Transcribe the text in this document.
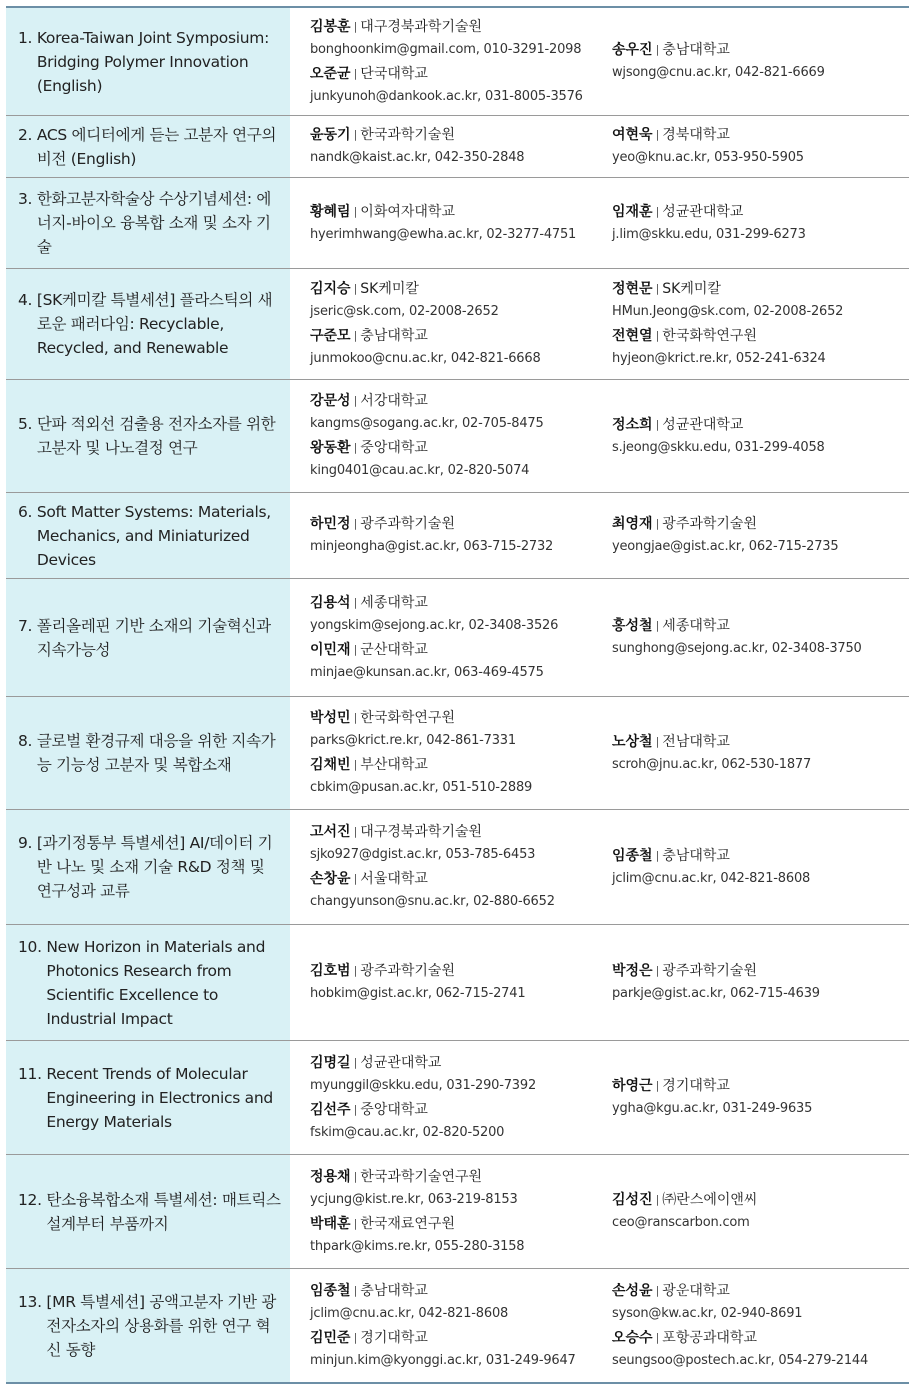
1. Korea-Taiwan Joint Symposium: Bridging Polymer Innovation (English)
김봉훈 | 대구경북과학기술원
bonghoonkim@gmail.com, 010-3291-2098
오준균 | 단국대학교
junkyunoh@dankook.ac.kr, 031-8005-3576
송우진 | 충남대학교
wjsong@cnu.ac.kr, 042-821-6669
2. ACS 에디터에게 듣는 고분자 연구의 비전 (English)
윤동기 | 한국과학기술원
nandk@kaist.ac.kr, 042-350-2848
여현욱 | 경북대학교
yeo@knu.ac.kr, 053-950-5905
3. 한화고분자학술상 수상기념세션: 에너지-바이오 융복합 소재 및 소자 기술
황혜림 | 이화여자대학교
hyerimhwang@ewha.ac.kr, 02-3277-4751
임재훈 | 성균관대학교
j.lim@skku.edu, 031-299-6273
4. [SK케미칼 특별세션] 플라스틱의 새로운 패러다임: Recyclable, Recycled, and Renewable
김지승 | SK케미칼
jseric@sk.com, 02-2008-2652
구준모 | 충남대학교
junmokoo@cnu.ac.kr, 042-821-6668
정현문 | SK케미칼
HMun.Jeong@sk.com, 02-2008-2652
전현열 | 한국화학연구원
hyjeon@krict.re.kr, 052-241-6324
5. 단파 적외선 검출용 전자소자를 위한 고분자 및 나노결정 연구
강문성 | 서강대학교
kangms@sogang.ac.kr, 02-705-8475
왕동환 | 중앙대학교
king0401@cau.ac.kr, 02-820-5074
정소희 | 성균관대학교
s.jeong@skku.edu, 031-299-4058
6. Soft Matter Systems: Materials, Mechanics, and Miniaturized Devices
하민정 | 광주과학기술원
minjeongha@gist.ac.kr, 063-715-2732
최영재 | 광주과학기술원
yeongjae@gist.ac.kr, 062-715-2735
7. 폴리올레핀 기반 소재의 기술혁신과 지속가능성
김용석 | 세종대학교
yongskim@sejong.ac.kr, 02-3408-3526
이민재 | 군산대학교
minjae@kunsan.ac.kr, 063-469-4575
홍성철 | 세종대학교
sunghong@sejong.ac.kr, 02-3408-3750
8. 글로벌 환경규제 대응을 위한 지속가능 기능성 고분자 및 복합소재
박성민 | 한국화학연구원
parks@krict.re.kr, 042-861-7331
김채빈 | 부산대학교
cbkim@pusan.ac.kr, 051-510-2889
노상철 | 전남대학교
scroh@jnu.ac.kr, 062-530-1877
9. [과기정통부 특별세션] AI/데이터 기반 나노 및 소재 기술 R&D 정책 및 연구성과 교류
고서진 | 대구경북과학기술원
sjko927@dgist.ac.kr, 053-785-6453
손창윤 | 서울대학교
changyunson@snu.ac.kr, 02-880-6652
임종철 | 충남대학교
jclim@cnu.ac.kr, 042-821-8608
10. New Horizon in Materials and Photonics Research from Scientific Excellence to Industrial Impact
김호범 | 광주과학기술원
hobkim@gist.ac.kr, 062-715-2741
박정은 | 광주과학기술원
parkje@gist.ac.kr, 062-715-4639
11. Recent Trends of Molecular Engineering in Electronics and Energy Materials
김명길 | 성균관대학교
myunggil@skku.edu, 031-290-7392
김선주 | 중앙대학교
fskim@cau.ac.kr, 02-820-5200
하영근 | 경기대학교
ygha@kgu.ac.kr, 031-249-9635
12. 탄소융복합소재 특별세션: 매트릭스 설계부터 부품까지
정용채 | 한국과학기술연구원
ycjung@kist.re.kr, 063-219-8153
박태훈 | 한국재료연구원
thpark@kims.re.kr, 055-280-3158
김성진 | ㈜란스에이앤씨
ceo@ranscarbon.com
13. [MR 특별세션] 공액고분자 기반 광전자소자의 상용화를 위한 연구 혁신 동향
임종철 | 충남대학교
jclim@cnu.ac.kr, 042-821-8608
김민준 | 경기대학교
minjun.kim@kyonggi.ac.kr, 031-249-9647
손성윤 | 광운대학교
syson@kw.ac.kr, 02-940-8691
오승수 | 포항공과대학교
seungsoo@postech.ac.kr, 054-279-2144
